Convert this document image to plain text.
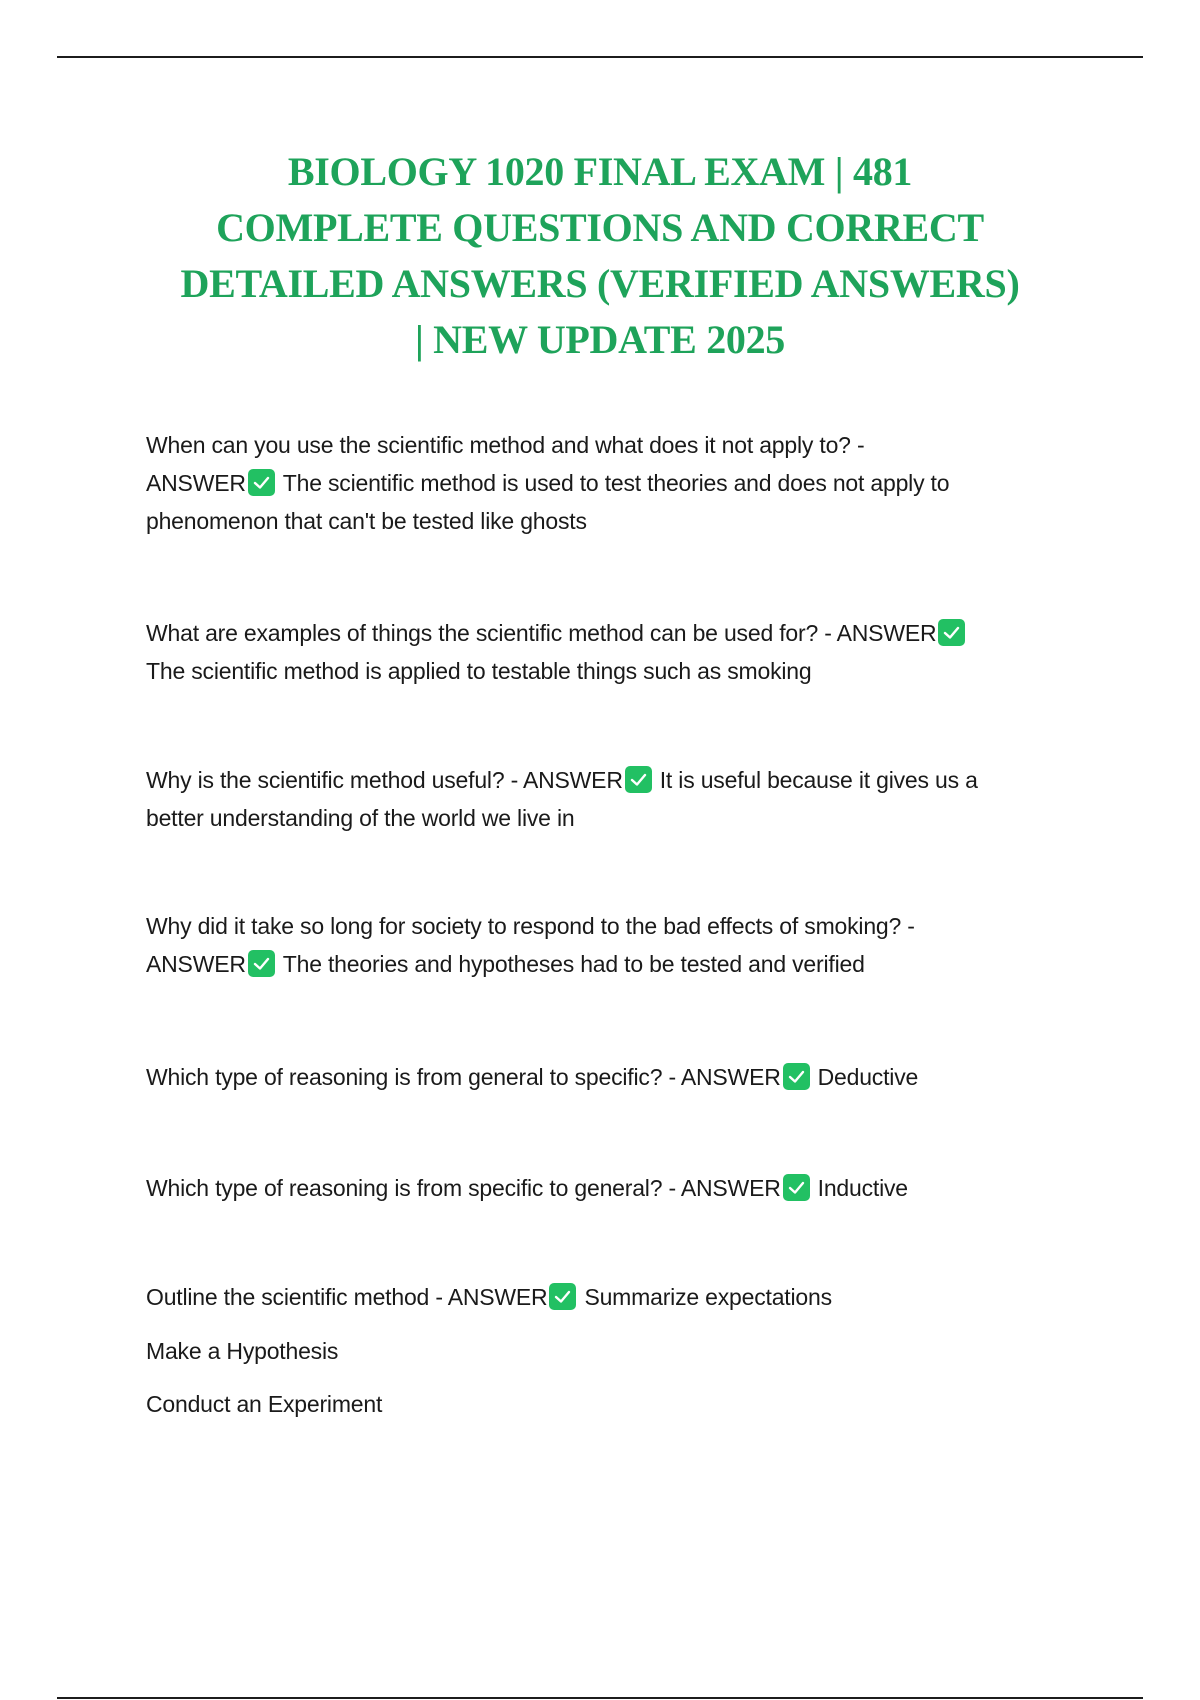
BIOLOGY 1020 FINAL EXAM | 481
COMPLETE QUESTIONS AND CORRECT
DETAILED ANSWERS (VERIFIED ANSWERS)
| NEW UPDATE 2025
When can you use the scientific method and what does it not apply to? -
ANSWER The scientific method is used to test theories and does not apply to
phenomenon that can't be tested like ghosts
What are examples of things the scientific method can be used for? - ANSWER
The scientific method is applied to testable things such as smoking
Why is the scientific method useful? - ANSWER It is useful because it gives us a
better understanding of the world we live in
Why did it take so long for society to respond to the bad effects of smoking? -
ANSWER The theories and hypotheses had to be tested and verified
Which type of reasoning is from general to specific? - ANSWER Deductive
Which type of reasoning is from specific to general? - ANSWER Inductive
Outline the scientific method - ANSWER Summarize expectations
Make a Hypothesis
Conduct an Experiment
